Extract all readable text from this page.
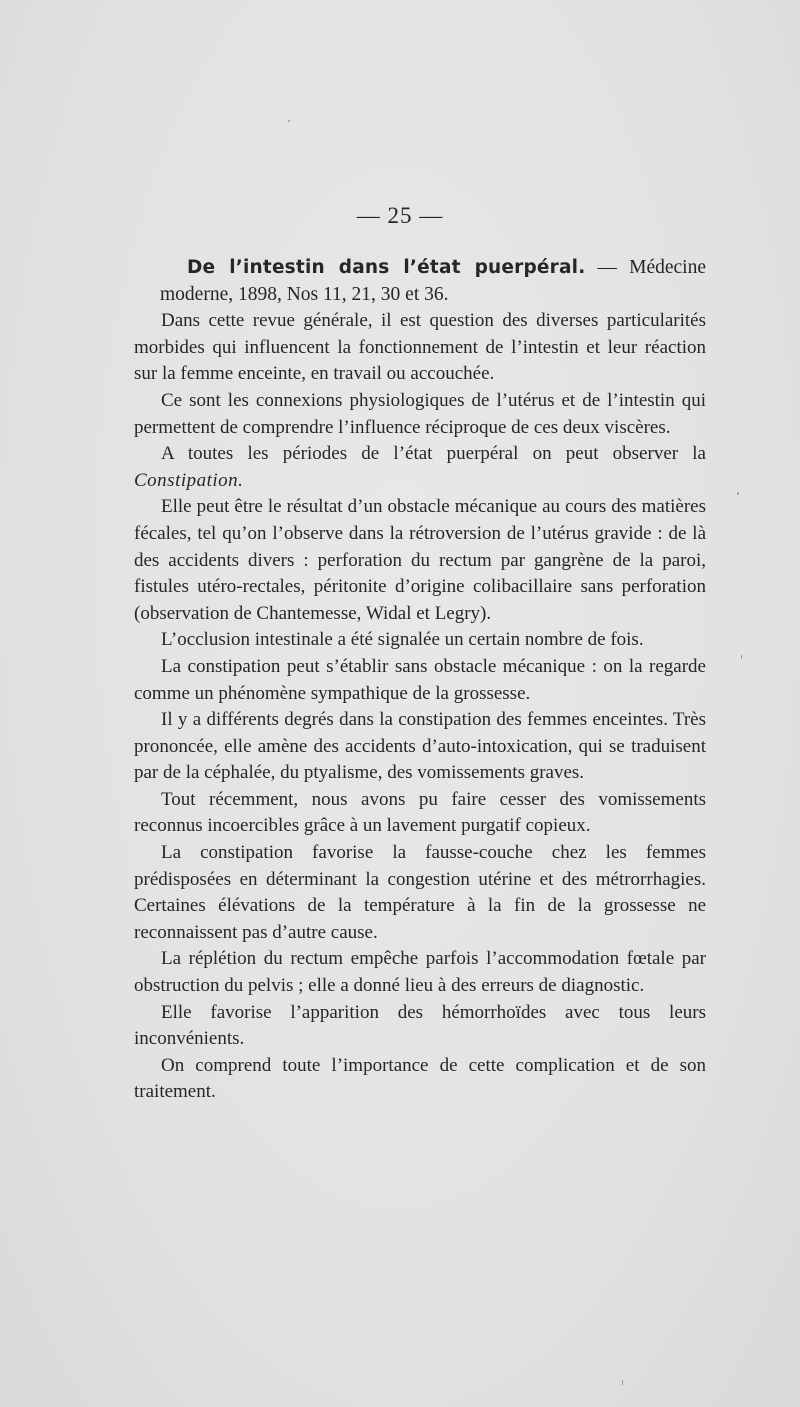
— 25 —

De l’intestin dans l’état puerpéral. — Médecine moderne, 1898, Nos 11, 21, 30 et 36.

Dans cette revue générale, il est question des diverses particularités morbides qui influencent la fonctionnement de l’intestin et leur réaction sur la femme enceinte, en travail ou accouchée.

Ce sont les connexions physiologiques de l’utérus et de l’intestin qui permettent de comprendre l’influence réciproque de ces deux viscères.

A toutes les périodes de l’état puerpéral on peut observer la Constipation.

Elle peut être le résultat d’un obstacle mécanique au cours des matières fécales, tel qu’on l’observe dans la rétroversion de l’utérus gravide : de là des accidents divers : perforation du rectum par gangrène de la paroi, fistules utéro-rectales, péritonite d’origine colibacillaire sans perforation (observation de Chantemesse, Widal et Legry).

L’occlusion intestinale a été signalée un certain nombre de fois.

La constipation peut s’établir sans obstacle mécanique : on la regarde comme un phénomène sympathique de la grossesse.

Il y a différents degrés dans la constipation des femmes enceintes. Très prononcée, elle amène des accidents d’auto-intoxication, qui se traduisent par de la céphalée, du ptyalisme, des vomissements graves.

Tout récemment, nous avons pu faire cesser des vomissements reconnus incoercibles grâce à un lavement purgatif copieux.

La constipation favorise la fausse-couche chez les femmes prédisposées en déterminant la congestion utérine et des métrorrhagies. Certaines élévations de la température à la fin de la grossesse ne reconnaissent pas d’autre cause.

La réplétion du rectum empêche parfois l’accommodation fœtale par obstruction du pelvis ; elle a donné lieu à des erreurs de diagnostic.

Elle favorise l’apparition des hémorrhoïdes avec tous leurs inconvénients.

On comprend toute l’importance de cette complication et de son traitement.
